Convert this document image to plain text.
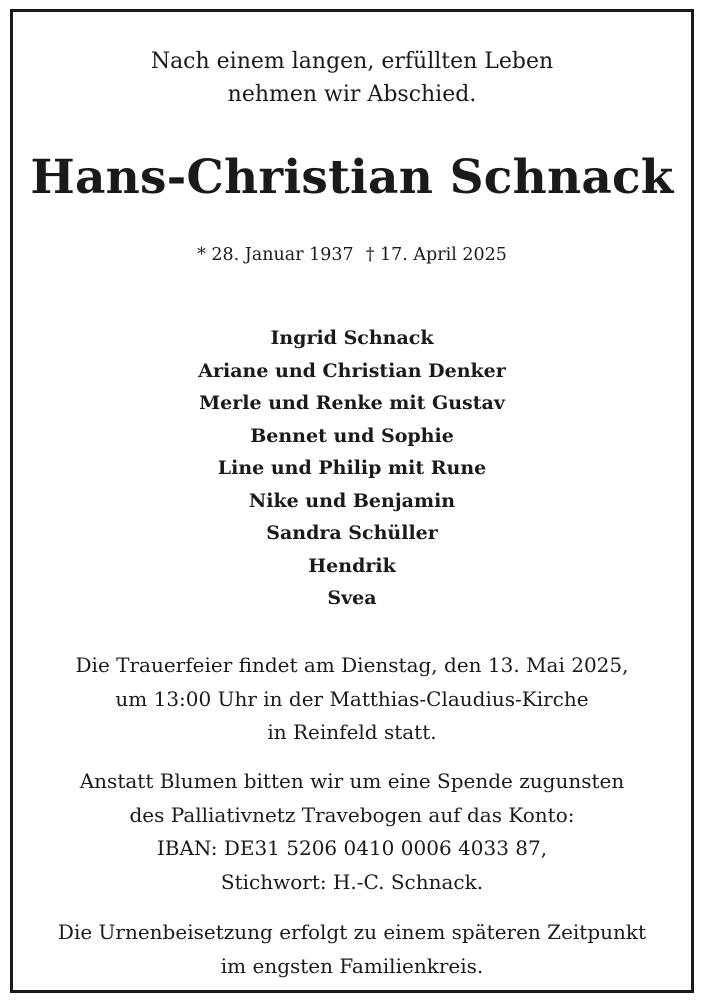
Nach einem langen, erfüllten Leben
nehmen wir Abschied.
Hans-Christian Schnack
* 28. Januar 1937 † 17. April 2025
Ingrid Schnack
Ariane und Christian Denker
Merle und Renke mit Gustav
Bennet und Sophie
Line und Philip mit Rune
Nike und Benjamin
Sandra Schüller
Hendrik
Svea
Die Trauerfeier findet am Dienstag, den 13. Mai 2025,
um 13:00 Uhr in der Matthias-Claudius-Kirche
in Reinfeld statt.
Anstatt Blumen bitten wir um eine Spende zugunsten
des Palliativnetz Travebogen auf das Konto:
IBAN: DE31 5206 0410 0006 4033 87,
Stichwort: H.-C. Schnack.
Die Urnenbeisetzung erfolgt zu einem späteren Zeitpunkt
im engsten Familienkreis.
